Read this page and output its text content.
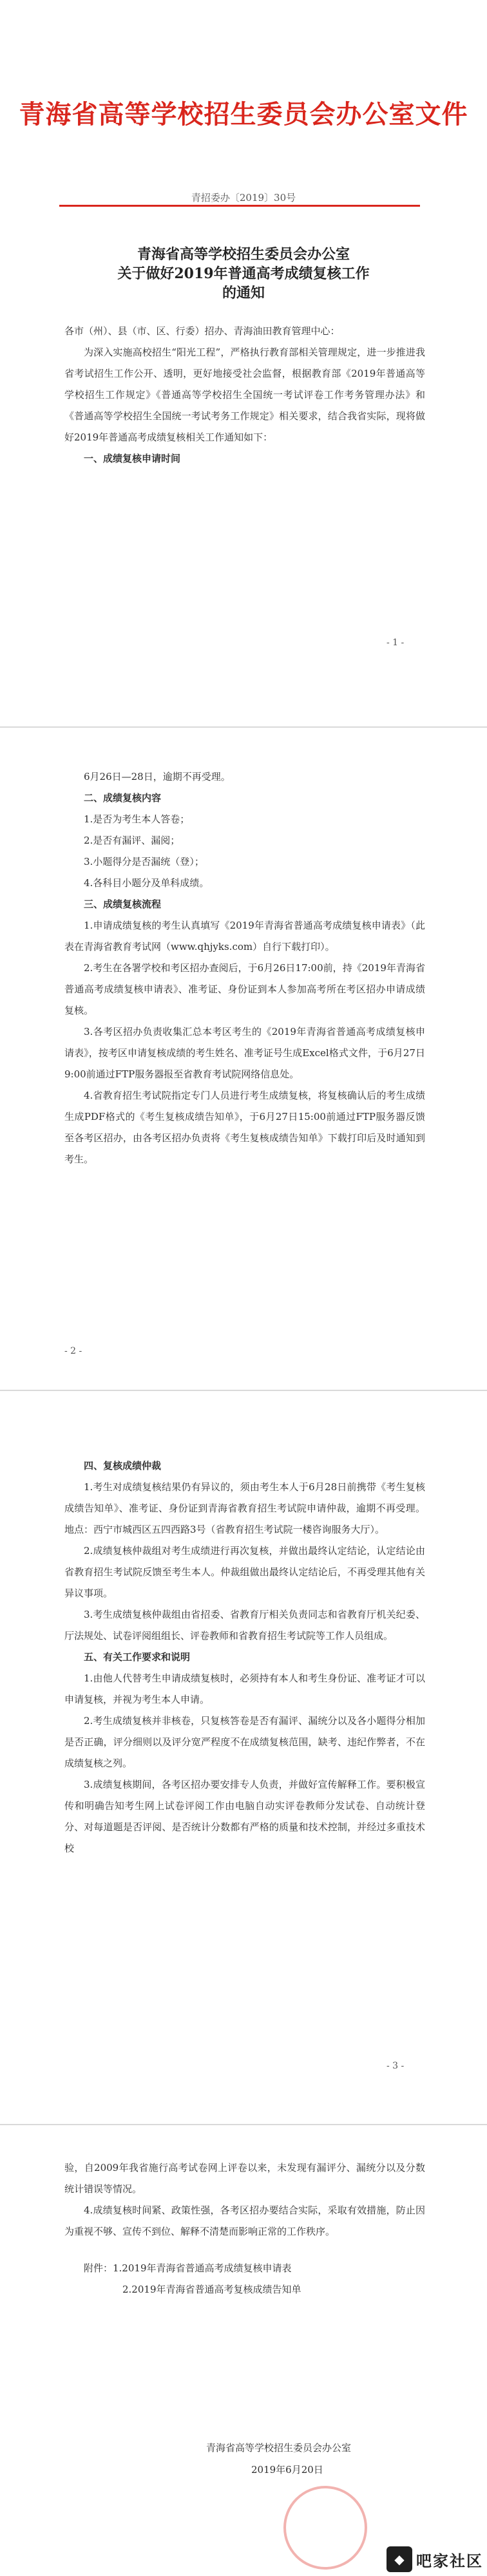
青海省高等学校招生委员会办公室文件
青招委办〔2019〕30号
青海省高等学校招生委员会办公室
关于做好2019年普通高考成绩复核工作
的通知
各市（州）、县（市、区、行委）招办、青海油田教育管理中心：
为深入实施高校招生“阳光工程”，严格执行教育部相关管理规定，进一步推进我省考试招生工作公开、透明，更好地接受社会监督，根据教育部《2019年普通高等学校招生工作规定》《普通高等学校招生全国统一考试评卷工作考务管理办法》和《普通高等学校招生全国统一考试考务工作规定》相关要求，结合我省实际，现将做好2019年普通高考成绩复核相关工作通知如下：
一、成绩复核申请时间
- 1 -
6月26日—28日，逾期不再受理。
二、成绩复核内容
1.是否为考生本人答卷；
2.是否有漏评、漏阅；
3.小题得分是否漏统（登）；
4.各科目小题分及单科成绩。
三、成绩复核流程
1.申请成绩复核的考生认真填写《2019年青海省普通高考成绩复核申请表》（此表在青海省教育考试网（www.qhjyks.com）自行下载打印）。
2.考生在各署学校和考区招办查阅后，于6月26日17:00前，持《2019年青海省普通高考成绩复核申请表》、准考证、身份证到本人参加高考所在考区招办申请成绩复核。
3.各考区招办负责收集汇总本考区考生的《2019年青海省普通高考成绩复核申请表》，按考区申请复核成绩的考生姓名、准考证号生成Excel格式文件，于6月27日9:00前通过FTP服务器报至省教育考试院网络信息处。
4.省教育招生考试院指定专门人员进行考生成绩复核，将复核确认后的考生成绩生成PDF格式的《考生复核成绩告知单》，于6月27日15:00前通过FTP服务器反馈至各考区招办，由各考区招办负责将《考生复核成绩告知单》下载打印后及时通知到考生。
- 2 -
四、复核成绩仲裁
1.考生对成绩复核结果仍有异议的，须由考生本人于6月28日前携带《考生复核成绩告知单》、准考证、身份证到青海省教育招生考试院申请仲裁，逾期不再受理。地点：西宁市城西区五四西路3号（省教育招生考试院一楼咨询服务大厅）。
2.成绩复核仲裁组对考生成绩进行再次复核，并做出最终认定结论，认定结论由省教育招生考试院反馈至考生本人。仲裁组做出最终认定结论后，不再受理其他有关异议事项。
3.考生成绩复核仲裁组由省招委、省教育厅相关负责同志和省教育厅机关纪委、厅法规处、试卷评阅组组长、评卷教师和省教育招生考试院等工作人员组成。
五、有关工作要求和说明
1.由他人代替考生申请成绩复核时，必须持有本人和考生身份证、准考证才可以申请复核，并视为考生本人申请。
2.考生成绩复核并非核卷，只复核答卷是否有漏评、漏统分以及各小题得分相加是否正确，评分细则以及评分宽严程度不在成绩复核范围，缺考、违纪作弊者，不在成绩复核之列。
3.成绩复核期间，各考区招办要安排专人负责，并做好宣传解释工作。要积极宣传和明确告知考生网上试卷评阅工作由电脑自动实评卷教师分发试卷、自动统计登分、对每道题是否评阅、是否统计分数都有严格的质量和技术控制，并经过多重技术校
- 3 -
验，自2009年我省施行高考试卷网上评卷以来，未发现有漏评分、漏统分以及分数统计错误等情况。
4.成绩复核时间紧、政策性强，各考区招办要结合实际，采取有效措施，防止因为重视不够、宣传不到位、解释不清楚而影响正常的工作秩序。
附件：1.2019年青海省普通高考成绩复核申请表
2.2019年青海省普通高考复核成绩告知单
青海省高等学校招生委员会办公室
2019年6月20日
◆ 吧家社区
